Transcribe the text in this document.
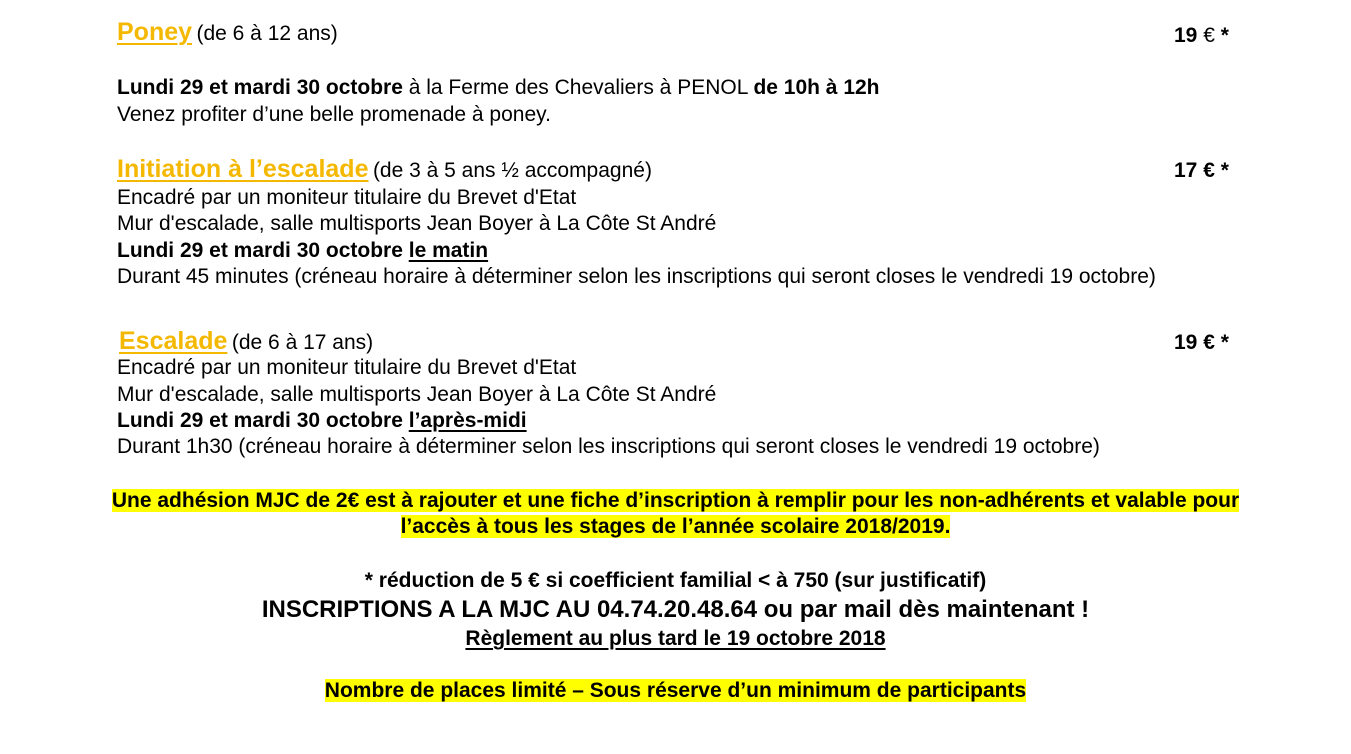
Poney (de 6 à 12 ans)	19 € *
Lundi 29 et mardi 30 octobre à la Ferme des Chevaliers à PENOL de 10h à 12h
Venez profiter d’une belle promenade à poney.
Initiation à l’escalade (de 3 à 5 ans ½ accompagné)	17 € *
Encadré par un moniteur titulaire du Brevet d'Etat
Mur d'escalade, salle multisports Jean Boyer à La Côte St André
Lundi 29 et mardi 30 octobre le matin
Durant 45 minutes (créneau horaire à déterminer selon les inscriptions qui seront closes le vendredi 19 octobre)
Escalade (de 6 à 17 ans)	19 € *
Encadré par un moniteur titulaire du Brevet d'Etat
Mur d'escalade, salle multisports Jean Boyer à La Côte St André
Lundi 29 et mardi 30 octobre l’après-midi
Durant 1h30 (créneau horaire à déterminer selon les inscriptions qui seront closes le vendredi 19 octobre)
Une adhésion MJC de 2€ est à rajouter et une fiche d’inscription à remplir pour les non-adhérents et valable pour
l’accès à tous les stages de l’année scolaire 2018/2019.
* réduction de 5 € si coefficient familial < à 750 (sur justificatif)
INSCRIPTIONS A LA MJC AU 04.74.20.48.64 ou par mail dès maintenant !
Règlement au plus tard le 19 octobre 2018
Nombre de places limité – Sous réserve d’un minimum de participants
